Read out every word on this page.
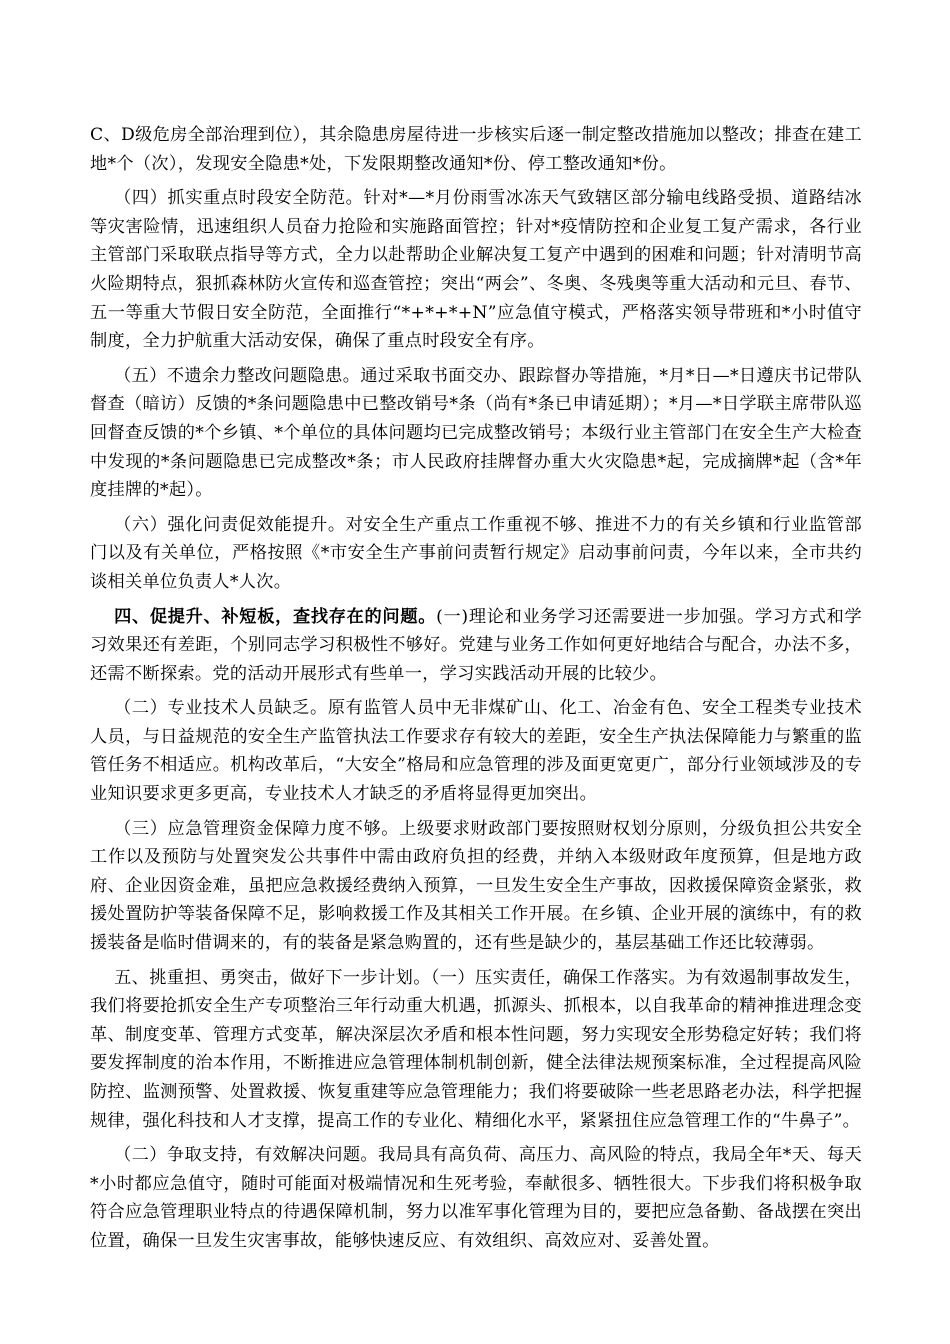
C、D级危房全部治理到位），其余隐患房屋待进一步核实后逐一制定整改措施加以整改；排查在建工地*个（次），发现安全隐患*处，下发限期整改通知*份、停工整改通知*份。

（四）抓实重点时段安全防范。针对*—*月份雨雪冰冻天气致辖区部分输电线路受损、道路结冰等灾害险情，迅速组织人员奋力抢险和实施路面管控；针对*疫情防控和企业复工复产需求，各行业主管部门采取联点指导等方式，全力以赴帮助企业解决复工复产中遇到的困难和问题；针对清明节高火险期特点，狠抓森林防火宣传和巡查管控；突出“两会”、冬奥、冬残奥等重大活动和元旦、春节、五一等重大节假日安全防范，全面推行“*+*+*+N”应急值守模式，严格落实领导带班和*小时值守制度，全力护航重大活动安保，确保了重点时段安全有序。

（五）不遗余力整改问题隐患。通过采取书面交办、跟踪督办等措施，*月*日—*日遵庆书记带队督查（暗访）反馈的*条问题隐患中已整改销号*条（尚有*条已申请延期）；*月—*日学联主席带队巡回督查反馈的*个乡镇、*个单位的具体问题均已完成整改销号；本级行业主管部门在安全生产大检查中发现的*条问题隐患已完成整改*条；市人民政府挂牌督办重大火灾隐患*起，完成摘牌*起（含*年度挂牌的*起）。

（六）强化问责促效能提升。对安全生产重点工作重视不够、推进不力的有关乡镇和行业监管部门以及有关单位，严格按照《*市安全生产事前问责暂行规定》启动事前问责，今年以来，全市共约谈相关单位负责人*人次。

四、促提升、补短板，查找存在的问题。(一)理论和业务学习还需要进一步加强。学习方式和学习效果还有差距，个别同志学习积极性不够好。党建与业务工作如何更好地结合与配合，办法不多，还需不断探索。党的活动开展形式有些单一，学习实践活动开展的比较少。

（二）专业技术人员缺乏。原有监管人员中无非煤矿山、化工、冶金有色、安全工程类专业技术人员，与日益规范的安全生产监管执法工作要求存有较大的差距，安全生产执法保障能力与繁重的监管任务不相适应。机构改革后，“大安全”格局和应急管理的涉及面更宽更广，部分行业领域涉及的专业知识要求更多更高，专业技术人才缺乏的矛盾将显得更加突出。

（三）应急管理资金保障力度不够。上级要求财政部门要按照财权划分原则，分级负担公共安全工作以及预防与处置突发公共事件中需由政府负担的经费，并纳入本级财政年度预算，但是地方政府、企业因资金难，虽把应急救援经费纳入预算，一旦发生安全生产事故，因救援保障资金紧张，救援处置防护等装备保障不足，影响救援工作及其相关工作开展。在乡镇、企业开展的演练中，有的救援装备是临时借调来的，有的装备是紧急购置的，还有些是缺少的，基层基础工作还比较薄弱。

五、挑重担、勇突击，做好下一步计划。（一）压实责任，确保工作落实。为有效遏制事故发生，我们将要抢抓安全生产专项整治三年行动重大机遇，抓源头、抓根本，以自我革命的精神推进理念变革、制度变革、管理方式变革，解决深层次矛盾和根本性问题，努力实现安全形势稳定好转；我们将要发挥制度的治本作用，不断推进应急管理体制机制创新，健全法律法规预案标准，全过程提高风险防控、监测预警、处置救援、恢复重建等应急管理能力；我们将要破除一些老思路老办法，科学把握规律，强化科技和人才支撑，提高工作的专业化、精细化水平，紧紧扭住应急管理工作的“牛鼻子”。

（二）争取支持，有效解决问题。我局具有高负荷、高压力、高风险的特点，我局全年*天、每天*小时都应急值守，随时可能面对极端情况和生死考验，奉献很多、牺牲很大。下步我们将积极争取符合应急管理职业特点的待遇保障机制，努力以准军事化管理为目的，要把应急备勤、备战摆在突出位置，确保一旦发生灾害事故，能够快速反应、有效组织、高效应对、妥善处置。
